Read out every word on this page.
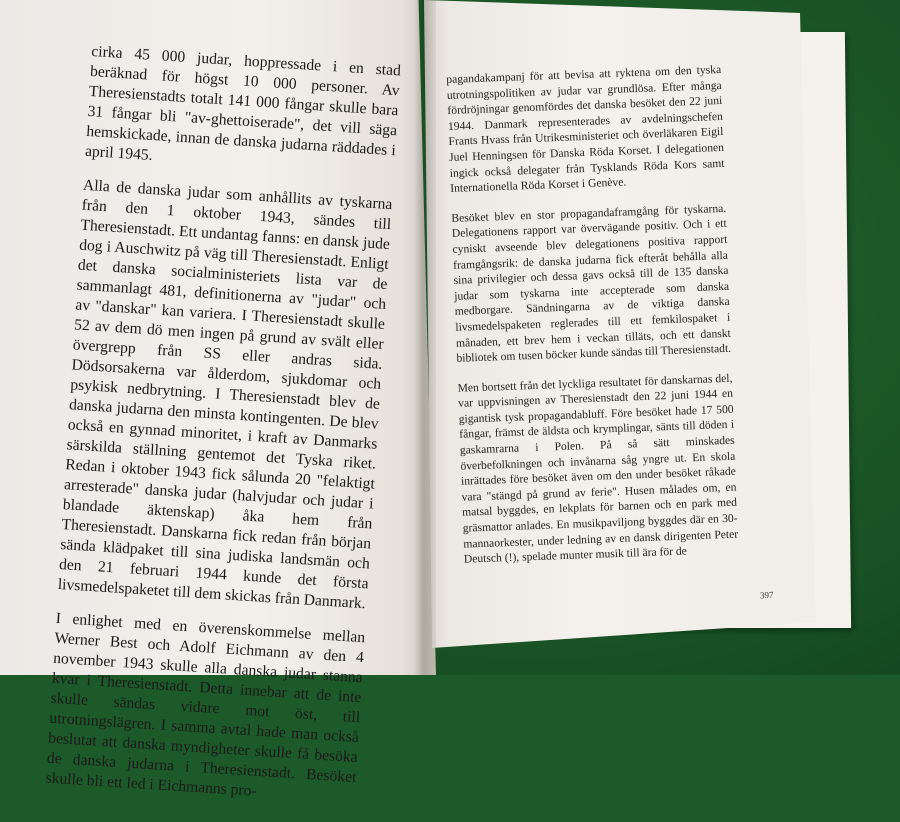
cirka 45 000 judar, hoppressade i en stad beräknad för högst 10 000 personer. Av Theresienstadts totalt 141 000 fångar skulle bara 31 fångar bli "av-ghettoiserade", det vill säga hemskickade, innan de danska judarna räddades i april 1945.

Alla de danska judar som anhållits av tyskarna från den 1 oktober 1943, sändes till Theresienstadt. Ett undantag fanns: en dansk jude dog i Auschwitz på väg till Theresienstadt. Enligt det danska socialministeriets lista var de sammanlagt 481, definitionerna av "judar" och av "danskar" kan variera. I Theresienstadt skulle 52 av dem dö men ingen på grund av svält eller övergrepp från SS eller andras sida. Dödsorsakerna var ålderdom, sjukdomar och psykisk nedbrytning. I Theresienstadt blev de danska judarna den minsta kontingenten. De blev också en gynnad minoritet, i kraft av Danmarks särskilda ställning gentemot det Tyska riket. Redan i oktober 1943 fick sålunda 20 "felaktigt arresterade" danska judar (halvjudar och judar i blandade äktenskap) åka hem från Theresienstadt. Danskarna fick redan från början sända klädpaket till sina judiska landsmän och den 21 februari 1944 kunde det första livsmedelspaketet till dem skickas från Danmark.

I enlighet med en överenskommelse mellan Werner Best och Adolf Eichmann av den 4 november 1943 skulle alla danska judar stanna kvar i Theresienstadt. Detta innebar att de inte skulle sändas vidare mot öst, till utrotningslägren. I samma avtal hade man också beslutat att danska myndigheter skulle få besöka de danska judarna i Theresienstadt. Besöket skulle bli ett led i Eichmanns pro-

pagandakampanj för att bevisa att ryktena om den tyska utrotningspolitiken av judar var grundlösa. Efter många fördröjningar genomfördes det danska besöket den 22 juni 1944. Danmark representerades av avdelningschefen Frants Hvass från Utrikesministeriet och överläkaren Eigil Juel Henningsen för Danska Röda Korset. I delegationen ingick också delegater från Tysklands Röda Kors samt Internationella Röda Korset i Genève.

Besöket blev en stor propagandaframgång för tyskarna. Delegationens rapport var övervägande positiv. Och i ett cyniskt avseende blev delegationens positiva rapport framgångsrik: de danska judarna fick efteråt behålla alla sina privilegier och dessa gavs också till de 135 danska judar som tyskarna inte accepterade som danska medborgare. Sändningarna av de viktiga danska livsmedelspaketen reglerades till ett femkilospaket i månaden, ett brev hem i veckan tilläts, och ett danskt bibliotek om tusen böcker kunde sändas till Theresienstadt.

Men bortsett från det lyckliga resultatet för danskarnas del, var uppvisningen av Theresienstadt den 22 juni 1944 en gigantisk tysk propagandabluff. Före besöket hade 17 500 fångar, främst de äldsta och krymplingar, sänts till döden i gaskamrarna i Polen. På så sätt minskades överbefolkningen och invånarna såg yngre ut. En skola inrättades före besöket även om den under besöket råkade vara "stängd på grund av ferie". Husen målades om, en matsal byggdes, en lekplats för barnen och en park med gräsmattor anlades. En musikpaviljong byggdes där en 30-mannaorkester, under ledning av en dansk dirigenten Peter Deutsch (!), spelade munter musik till ära för de

397
